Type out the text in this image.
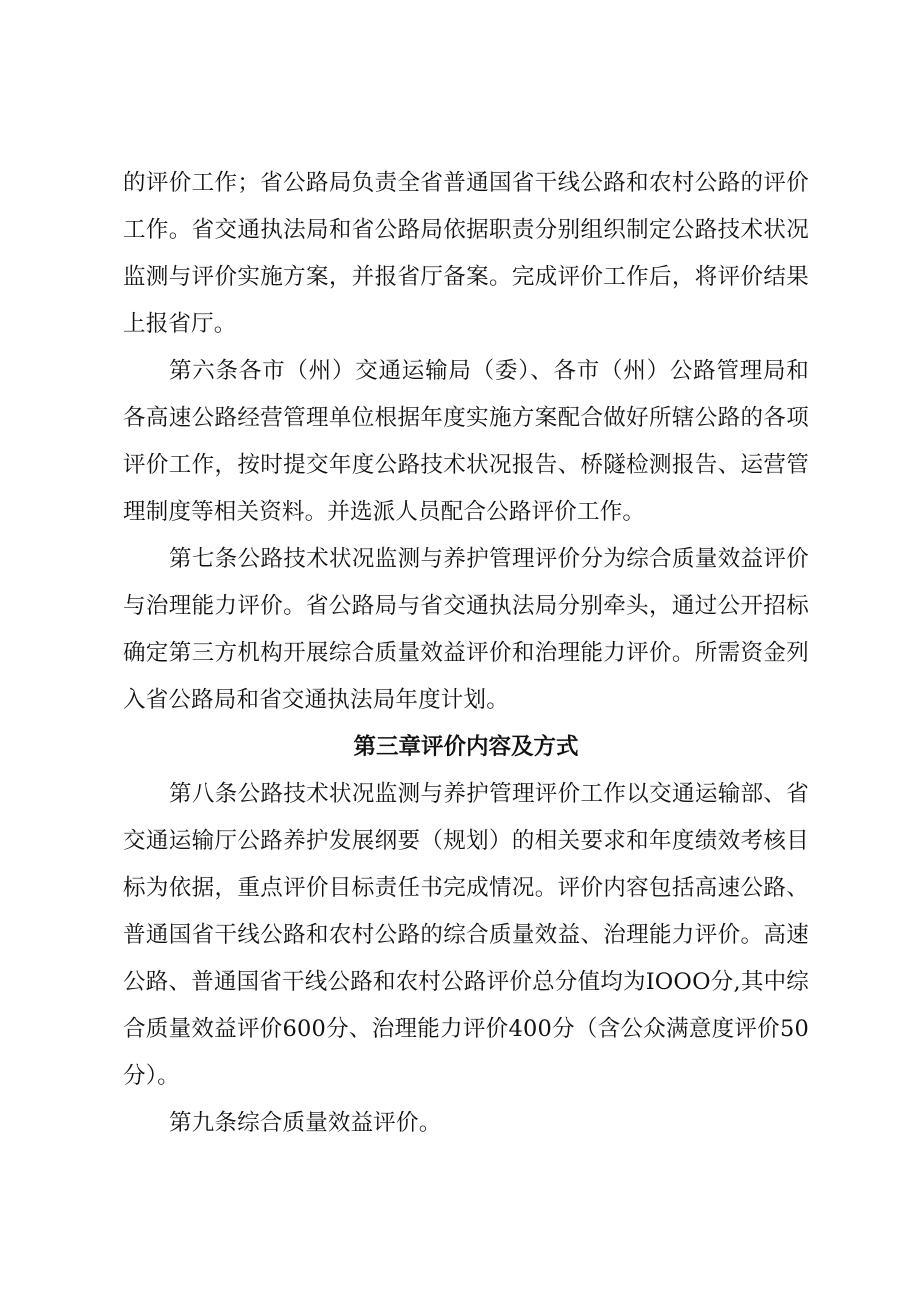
的评价工作；省公路局负责全省普通国省干线公路和农村公路的评价工作。省交通执法局和省公路局依据职责分别组织制定公路技术状况监测与评价实施方案，并报省厅备案。完成评价工作后，将评价结果上报省厅。

第六条各市（州）交通运输局（委）、各市（州）公路管理局和各高速公路经营管理单位根据年度实施方案配合做好所辖公路的各项评价工作，按时提交年度公路技术状况报告、桥隧检测报告、运营管理制度等相关资料。并选派人员配合公路评价工作。

第七条公路技术状况监测与养护管理评价分为综合质量效益评价与治理能力评价。省公路局与省交通执法局分别牵头，通过公开招标确定第三方机构开展综合质量效益评价和治理能力评价。所需资金列入省公路局和省交通执法局年度计划。

第三章评价内容及方式

第八条公路技术状况监测与养护管理评价工作以交通运输部、省交通运输厅公路养护发展纲要（规划）的相关要求和年度绩效考核目标为依据，重点评价目标责任书完成情况。评价内容包括高速公路、普通国省干线公路和农村公路的综合质量效益、治理能力评价。高速公路、普通国省干线公路和农村公路评价总分值均为IOOO分,其中综合质量效益评价600分、治理能力评价400分（含公众满意度评价50分）。

第九条综合质量效益评价。
